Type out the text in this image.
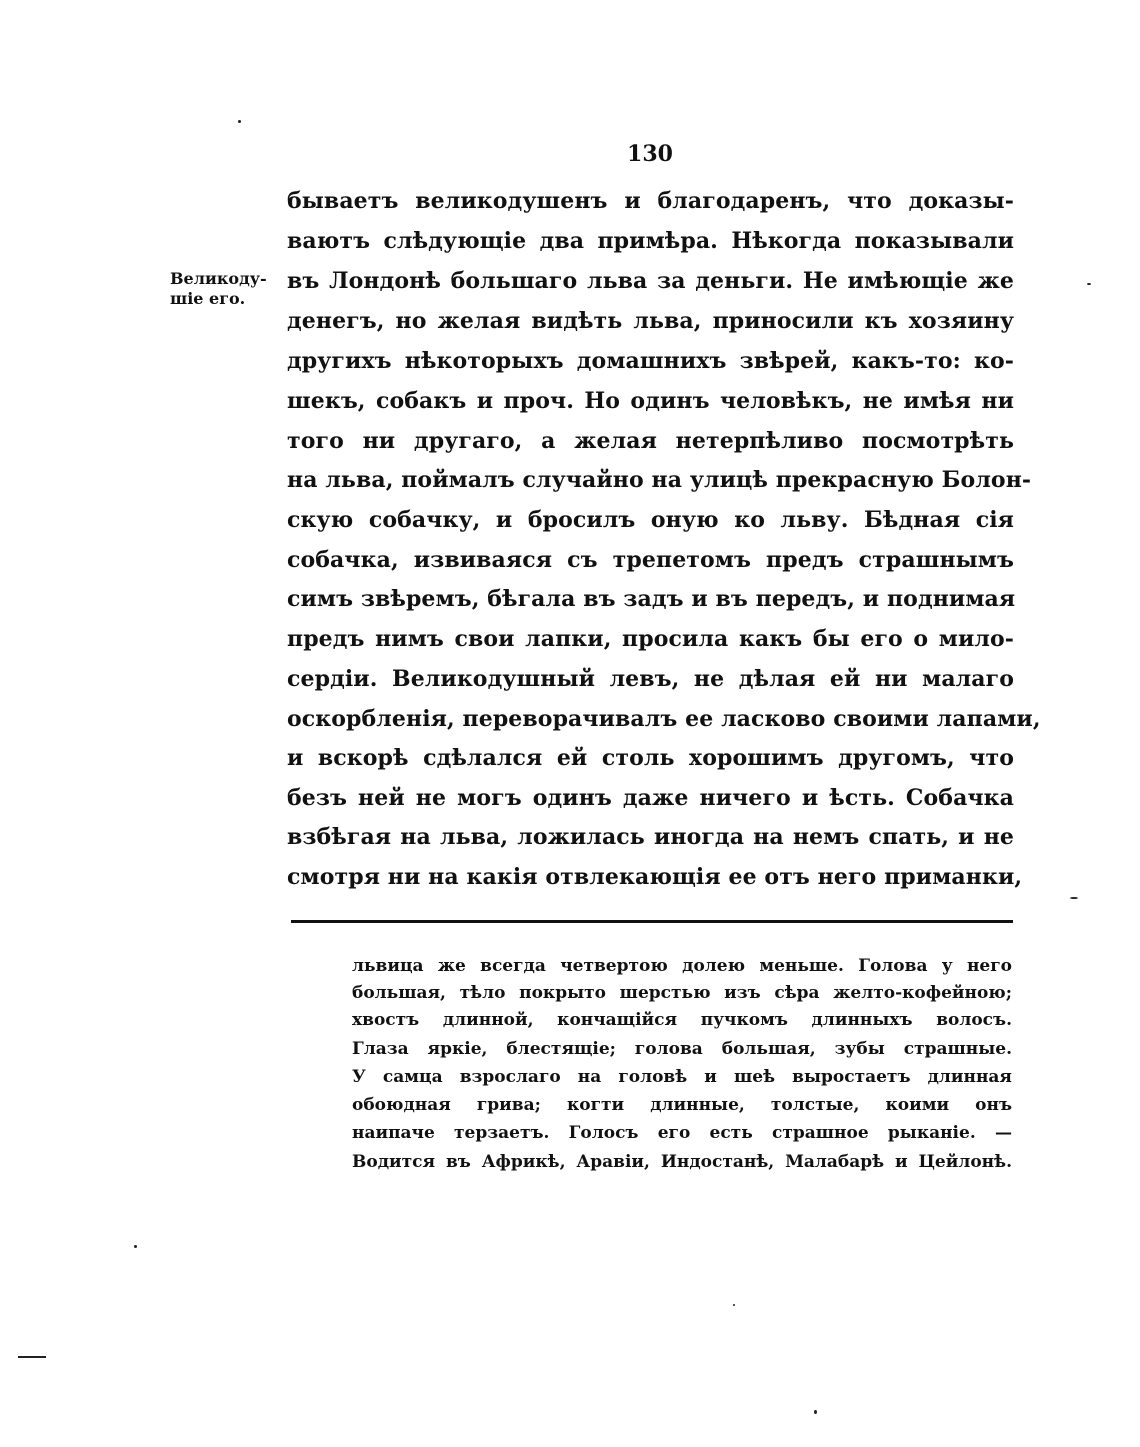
130
Великоду-
шіе его.
бываетъ великодушенъ и благодаренъ, что доказы-
ваютъ слѣдующіе два примѣра. Нѣкогда показывали
въ Лондонѣ большаго льва за деньги. Не имѣющіе же
денегъ, но желая видѣть льва, приносили къ хозяину
другихъ нѣкоторыхъ домашнихъ звѣрей, какъ-то: ко-
шекъ, собакъ и проч. Но одинъ человѣкъ, не имѣя ни
того ни другаго, а желая нетерпѣливо посмотрѣть
на льва, поймалъ случайно на улицѣ прекрасную Болон-
скую собачку, и бросилъ оную ко льву. Бѣдная сія
собачка, извиваяся съ трепетомъ предъ страшнымъ
симъ звѣремъ, бѣгала въ задъ и въ передъ, и поднимая
предъ нимъ свои лапки, просила какъ бы его о мило-
сердіи. Великодушный левъ, не дѣлая ей ни малаго
оскорбленія, переворачивалъ ее ласково своими лапами,
и вскорѣ сдѣлался ей столь хорошимъ другомъ, что
безъ ней не могъ одинъ даже ничего и ѣсть. Собачка
взбѣгая на льва, ложилась иногда на немъ спать, и не
смотря ни на какія отвлекающія ее отъ него приманки,
львица же всегда четвертою долею меньше. Голова у него
большая, тѣло покрыто шерстью изъ сѣра желто-кофейною;
хвостъ длинной, кончащійся пучкомъ длинныхъ волосъ.
Глаза яркіе, блестящіе; голова большая, зубы страшные.
У самца взрослаго на головѣ и шеѣ выростаетъ длинная
обоюдная грива; когти длинные, толстые, коими онъ
наипаче терзаетъ. Голосъ его есть страшное рыканіе. —
Водится въ Африкѣ, Аравіи, Индостанѣ, Малабарѣ и Цейлонѣ.
